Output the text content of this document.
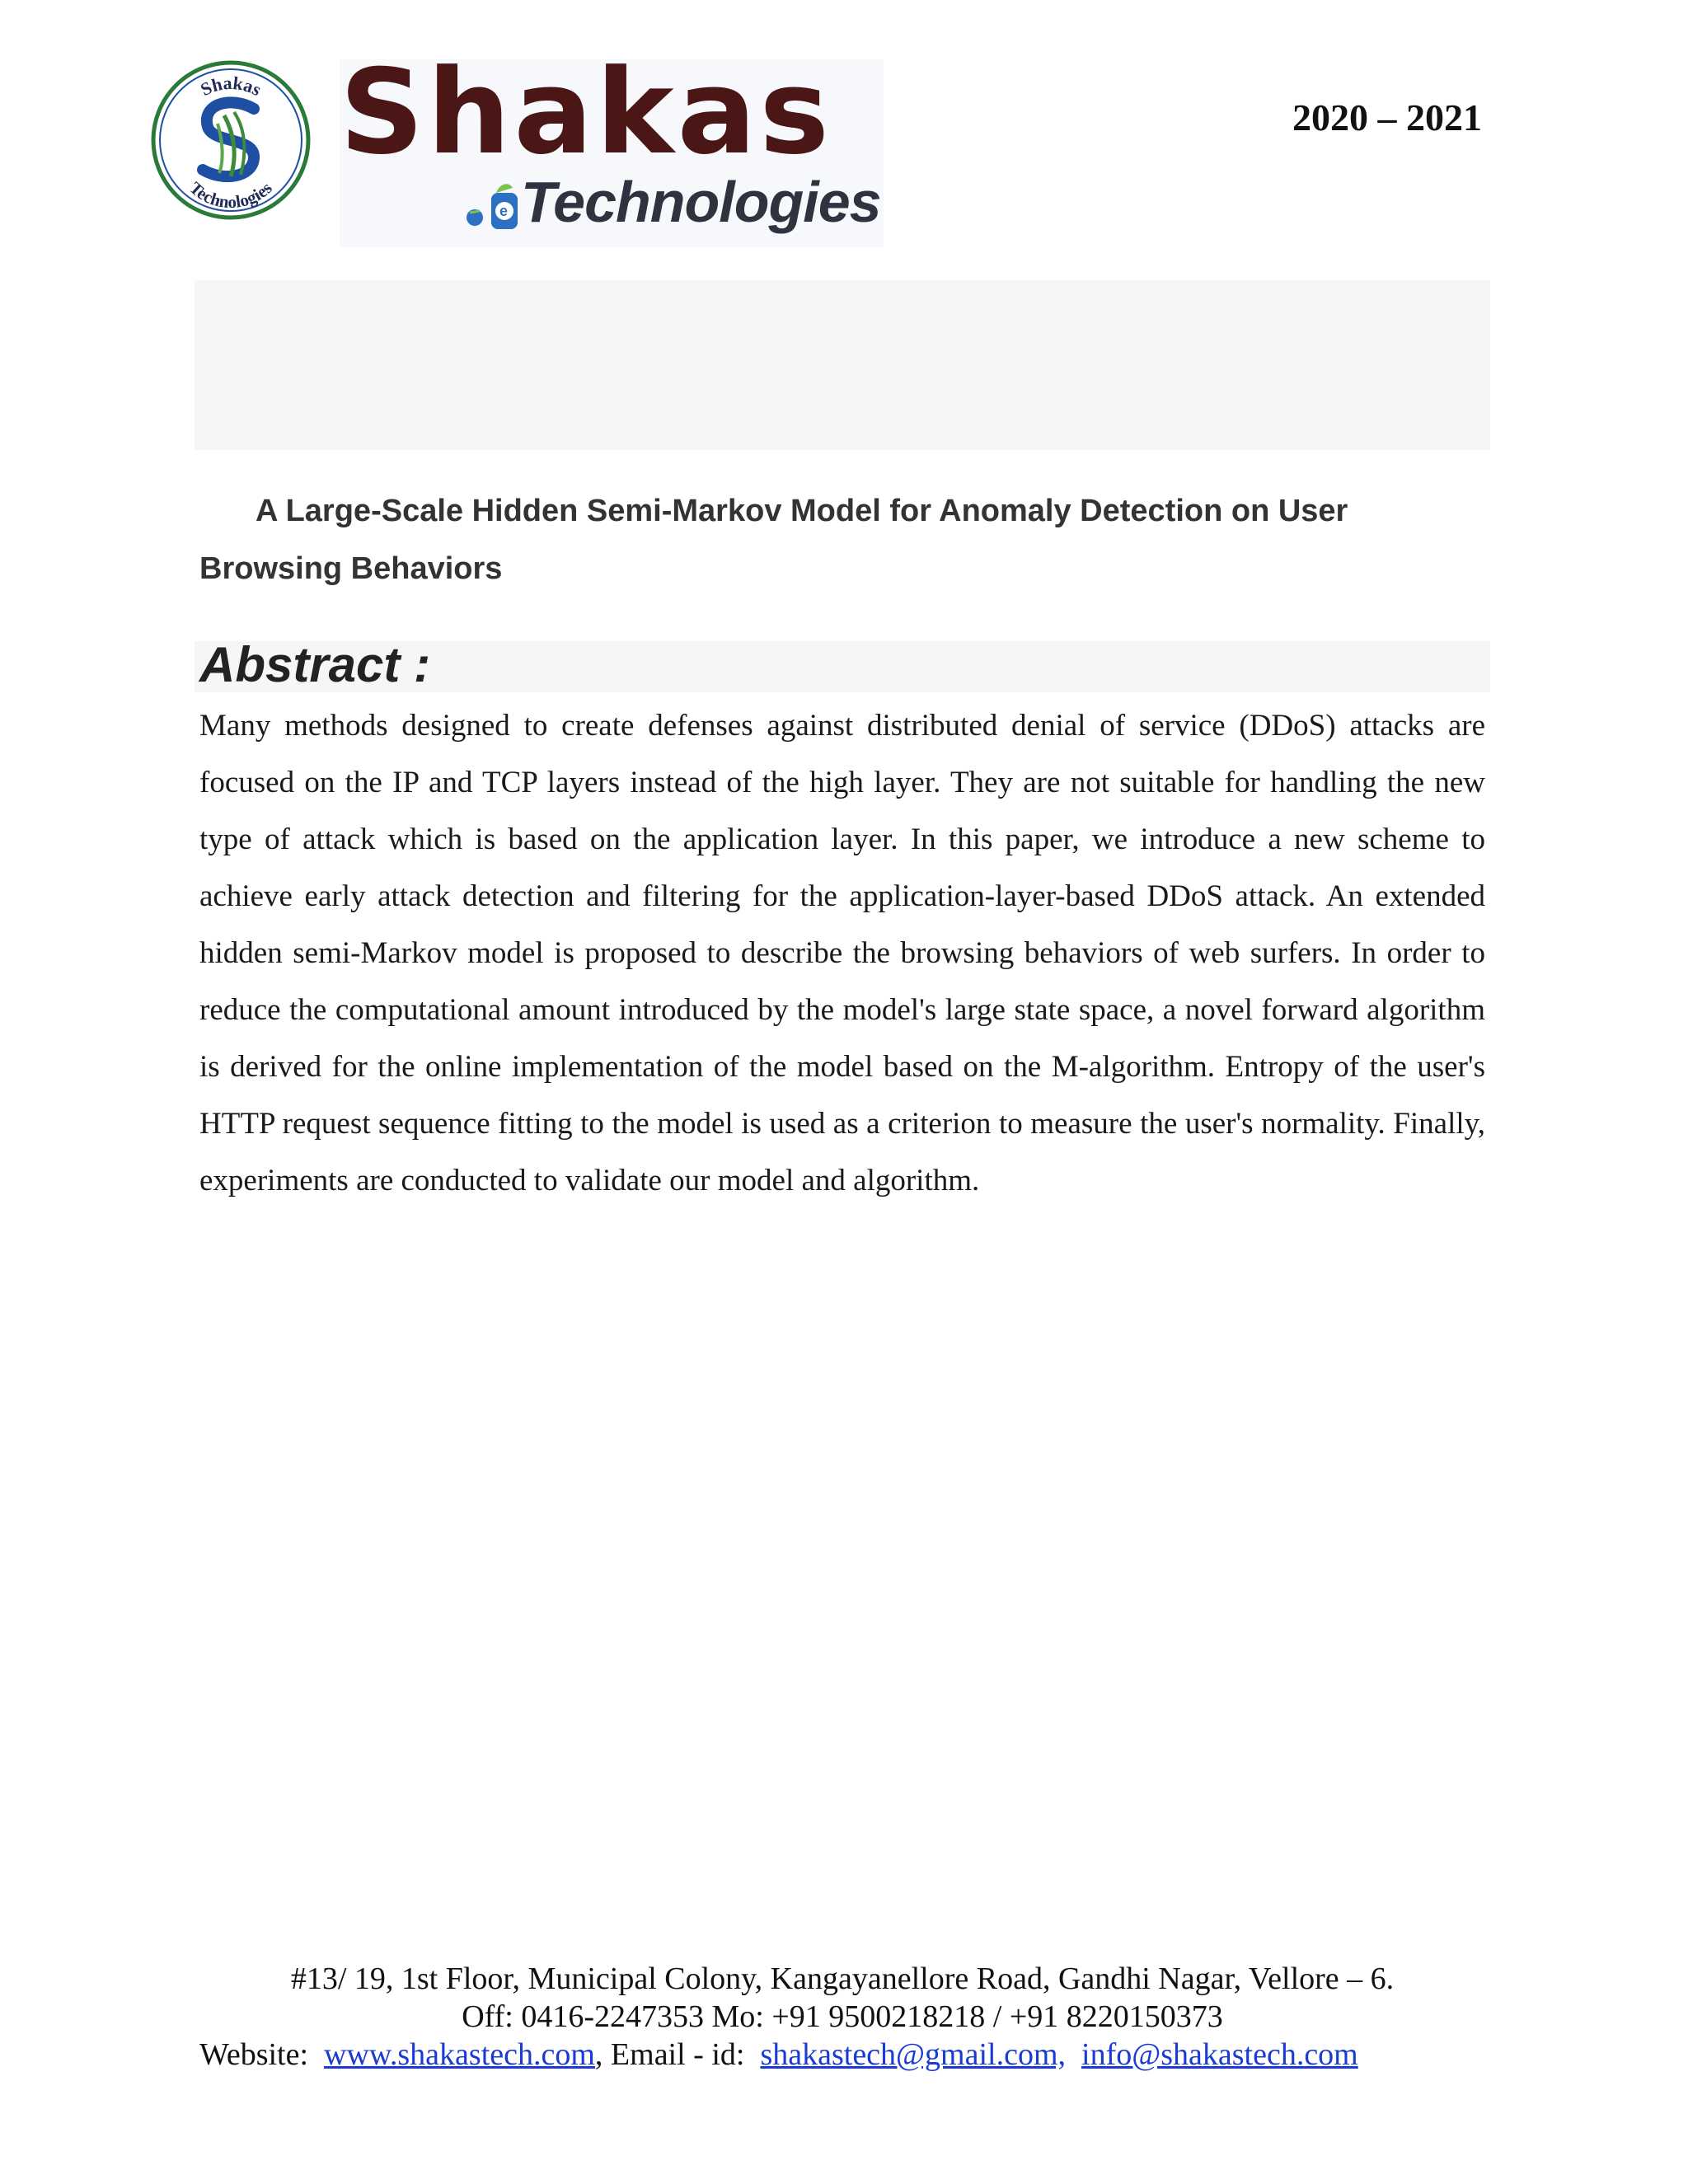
Shakas
Technologies
Shakas
e Technologies
2020 – 2021

A Large-Scale Hidden Semi-Markov Model for Anomaly Detection on User Browsing Behaviors

Abstract :

Many methods designed to create defenses against distributed denial of service (DDoS) attacks are focused on the IP and TCP layers instead of the high layer. They are not suitable for handling the new type of attack which is based on the application layer. In this paper, we introduce a new scheme to achieve early attack detection and filtering for the application-layer-based DDoS attack. An extended hidden semi-Markov model is proposed to describe the browsing behaviors of web surfers. In order to reduce the computational amount introduced by the model's large state space, a novel forward algorithm is derived for the online implementation of the model based on the M-algorithm. Entropy of the user's HTTP request sequence fitting to the model is used as a criterion to measure the user's normality. Finally, experiments are conducted to validate our model and algorithm.

#13/ 19, 1st Floor, Municipal Colony, Kangayanellore Road, Gandhi Nagar, Vellore – 6.
Off: 0416-2247353 Mo: +91 9500218218 / +91 8220150373
Website: www.shakastech.com, Email - id: shakastech@gmail.com, info@shakastech.com
